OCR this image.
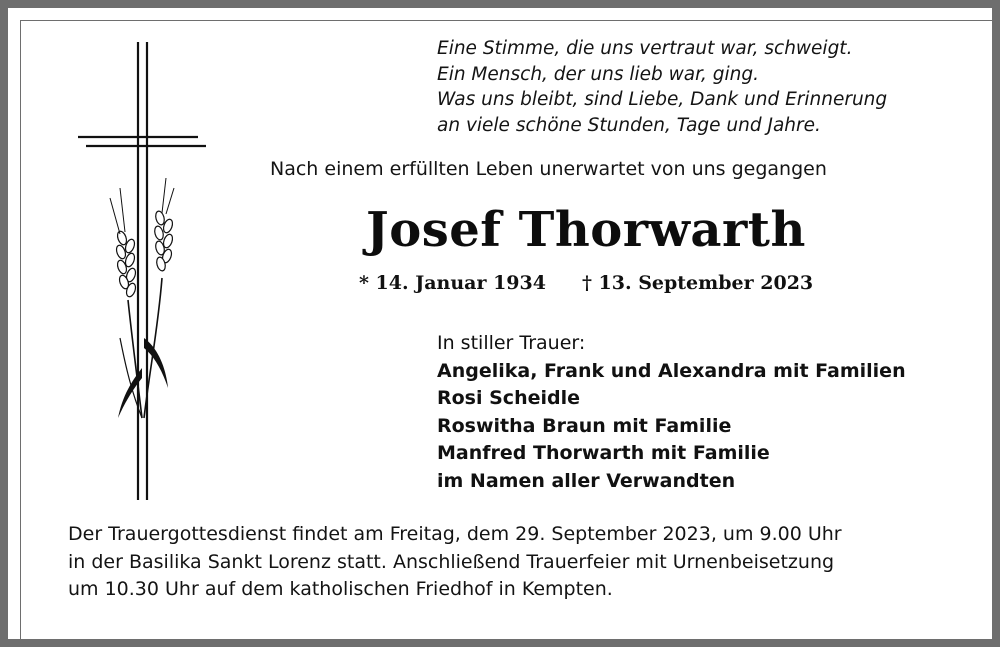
Eine Stimme, die uns vertraut war, schweigt.
Ein Mensch, der uns lieb war, ging.
Was uns bleibt, sind Liebe, Dank und Erinnerung
an viele schöne Stunden, Tage und Jahre.
Nach einem erfüllten Leben unerwartet von uns gegangen
Josef Thorwarth
* 14. Januar 1934 † 13. September 2023
In stiller Trauer:
Angelika, Frank und Alexandra mit Familien
Rosi Scheidle
Roswitha Braun mit Familie
Manfred Thorwarth mit Familie
im Namen aller Verwandten
Der Trauergottesdienst findet am Freitag, dem 29. September 2023, um 9.00 Uhr
in der Basilika Sankt Lorenz statt. Anschließend Trauerfeier mit Urnenbeisetzung
um 10.30 Uhr auf dem katholischen Friedhof in Kempten.
